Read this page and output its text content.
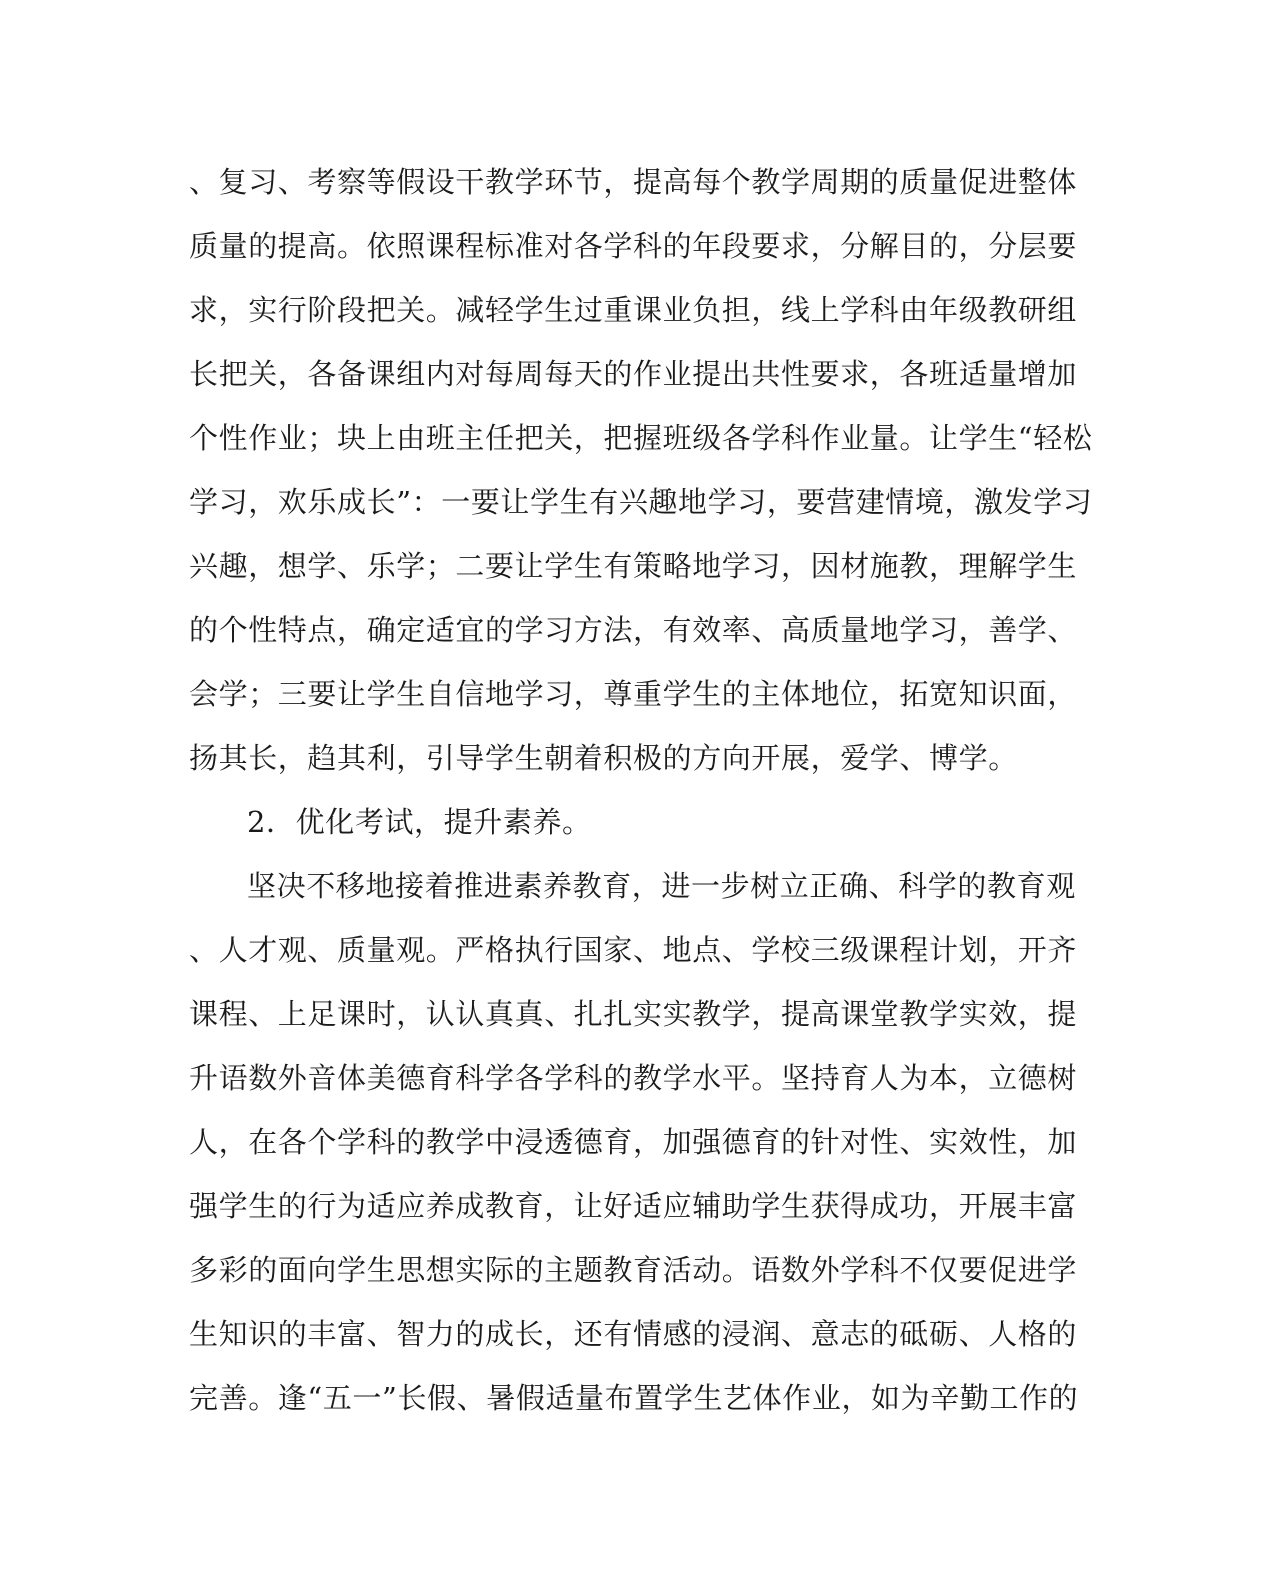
、复习、考察等假设干教学环节，提高每个教学周期的质量促进整体
质量的提高。依照课程标准对各学科的年段要求，分解目的，分层要
求，实行阶段把关。减轻学生过重课业负担，线上学科由年级教研组
长把关，各备课组内对每周每天的作业提出共性要求，各班适量增加
个性作业；块上由班主任把关，把握班级各学科作业量。让学生“轻松
学习，欢乐成长”：一要让学生有兴趣地学习，要营建情境，激发学习
兴趣，想学、乐学；二要让学生有策略地学习，因材施教，理解学生
的个性特点，确定适宜的学习方法，有效率、高质量地学习，善学、
会学；三要让学生自信地学习，尊重学生的主体地位，拓宽知识面，
扬其长，趋其利，引导学生朝着积极的方向开展，爱学、博学。
2．优化考试，提升素养。
坚决不移地接着推进素养教育，进一步树立正确、科学的教育观
、人才观、质量观。严格执行国家、地点、学校三级课程计划，开齐
课程、上足课时，认认真真、扎扎实实教学，提高课堂教学实效，提
升语数外音体美德育科学各学科的教学水平。坚持育人为本，立德树
人，在各个学科的教学中浸透德育，加强德育的针对性、实效性，加
强学生的行为适应养成教育，让好适应辅助学生获得成功，开展丰富
多彩的面向学生思想实际的主题教育活动。语数外学科不仅要促进学
生知识的丰富、智力的成长，还有情感的浸润、意志的砥砺、人格的
完善。逢“五一”长假、暑假适量布置学生艺体作业，如为辛勤工作的
